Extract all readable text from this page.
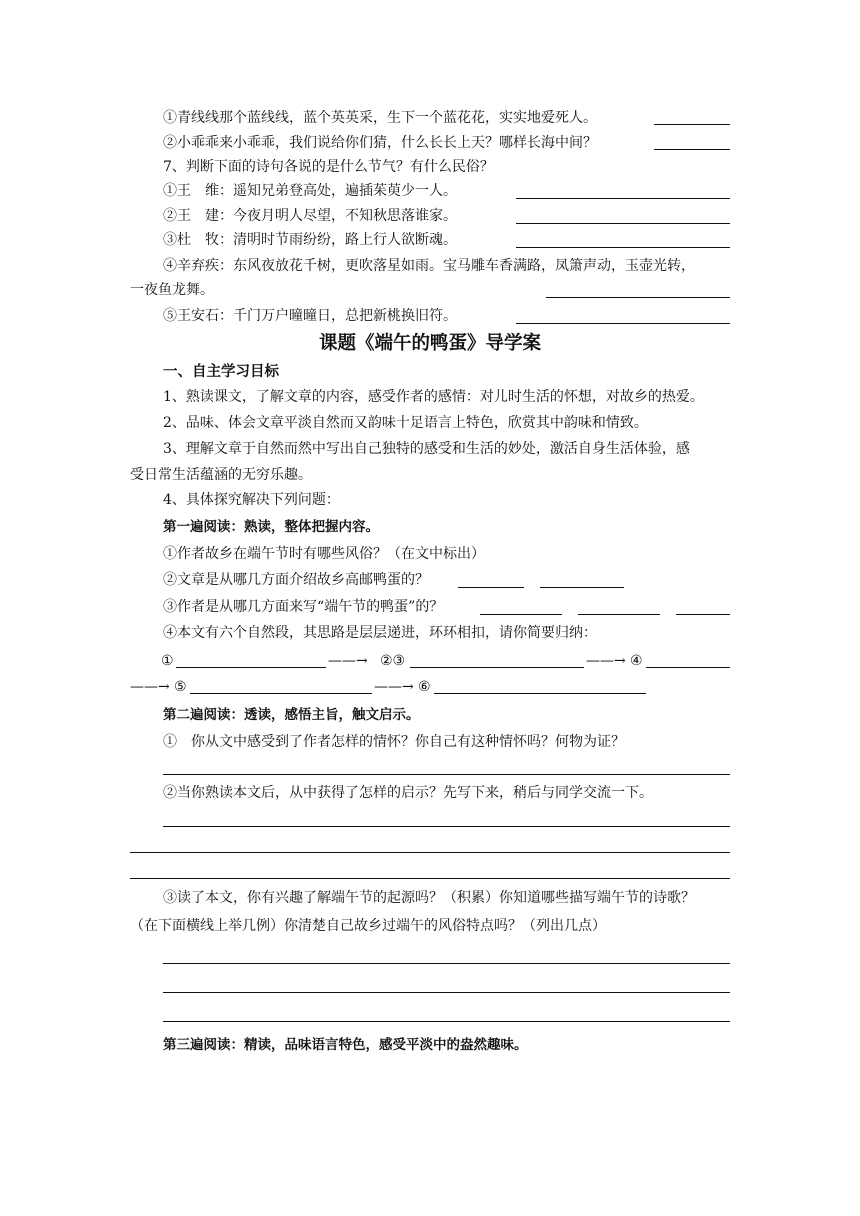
①青线线那个蓝线线，蓝个英英采，生下一个蓝花花，实实地爱死人。
②小乖乖来小乖乖，我们说给你们猜，什么长长上天？哪样长海中间？
7、判断下面的诗句各说的是什么节气？有什么民俗？
①王　维：遥知兄弟登高处，遍插茱萸少一人。
②王　建：今夜月明人尽望，不知秋思落谁家。
③杜　牧：清明时节雨纷纷，路上行人欲断魂。
④辛弃疾：东风夜放花千树，更吹落星如雨。宝马雕车香满路，凤箫声动，玉壶光转，
一夜鱼龙舞。
⑤王安石：千门万户曈曈日，总把新桃换旧符。
课题《端午的鸭蛋》导学案
一、自主学习目标
1、熟读课文，了解文章的内容，感受作者的感情：对儿时生活的怀想，对故乡的热爱。
2、品味、体会文章平淡自然而又韵味十足语言上特色，欣赏其中韵味和情致。
3、理解文章于自然而然中写出自己独特的感受和生活的妙处，激活自身生活体验，感
受日常生活蕴涵的无穷乐趣。
4、具体探究解决下列问题：
第一遍阅读：熟读，整体把握内容。
①作者故乡在端午节时有哪些风俗？（在文中标出）
②文章是从哪几方面介绍故乡高邮鸭蛋的？
③作者是从哪几方面来写“端午节的鸭蛋”的？
④本文有六个自然段，其思路是层层递进，环环相扣，请你简要归纳：
①	——→ ②③	——→ ④
——→ ⑤	——→ ⑥
第二遍阅读：透读，感悟主旨，触文启示。
①　你从文中感受到了作者怎样的情怀？你自己有这种情怀吗？何物为证？
②当你熟读本文后，从中获得了怎样的启示？先写下来，稍后与同学交流一下。
③读了本文，你有兴趣了解端午节的起源吗？（积累）你知道哪些描写端午节的诗歌？
（在下面横线上举几例）你清楚自己故乡过端午的风俗特点吗？（列出几点）
第三遍阅读：精读，品味语言特色，感受平淡中的盎然趣味。
